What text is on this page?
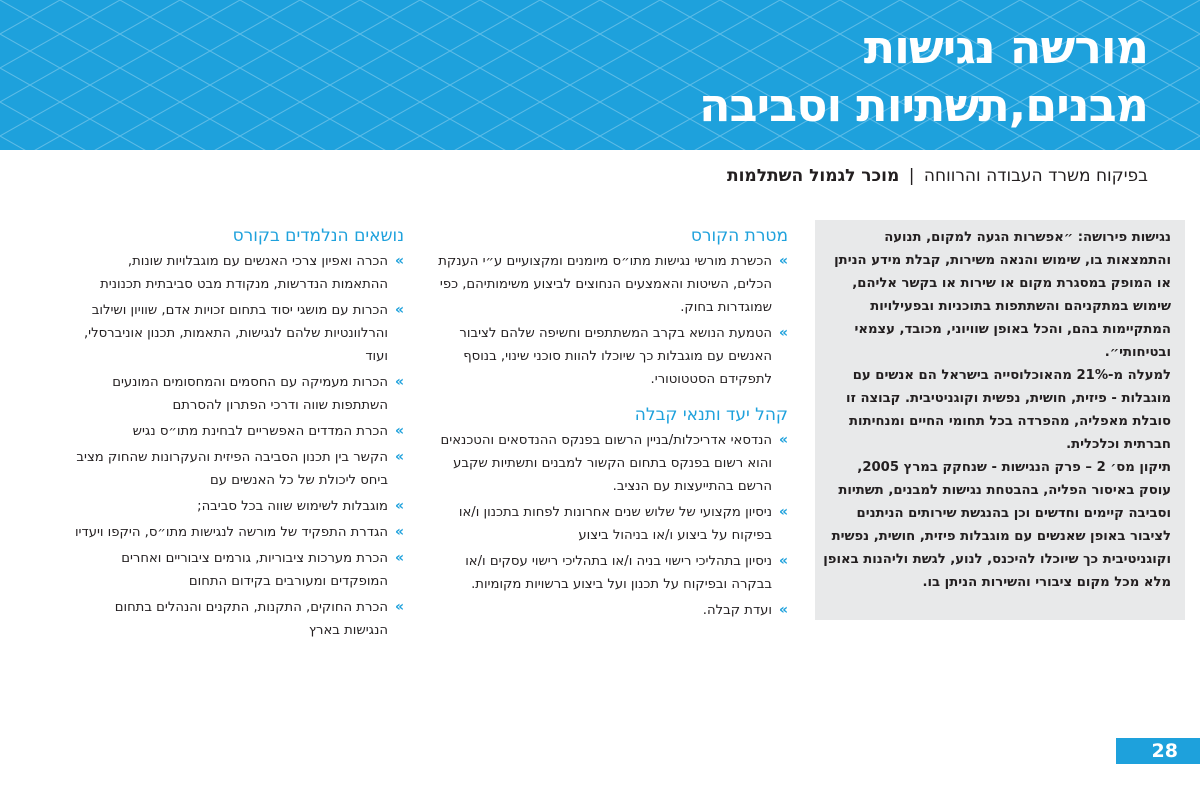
מורשה נגישות
מבנים,תשתיות וסביבה
בפיקוח משרד העבודה והרווחה | מוכר לגמול השתלמות

נגישות פירושה: ״אפשרות הגעה למקום, תנועה והתמצאות בו, שימוש והנאה משירות, קבלת מידע הניתן או המופק במסגרת מקום או שירות או בקשר אליהם, שימוש במתקניהם והשתתפות בתוכניות ובפעילויות המתקיימות בהם, והכל באופן שוויוני, מכובד, עצמאי ובטיחותי״.

למעלה מ-21% מהאוכלוסייה בישראל הם אנשים עם מוגבלות - פיזית, חושית, נפשית וקוגניטיבית. קבוצה זו סובלת מאפליה, מהפרדה בכל תחומי החיים ומנחיתות חברתית וכלכלית.

תיקון מס׳ 2 – פרק הנגישות - שנחקק במרץ 2005, עוסק באיסור הפליה, בהבטחת נגישות למבנים, תשתיות וסביבה קיימים וחדשים וכן בהנגשת שירותים הניתנים לציבור באופן שאנשים עם מוגבלות פיזית, חושית, נפשית וקוגניטיבית כך שיוכלו להיכנס, לנוע, לגשת וליהנות באופן מלא מכל מקום ציבורי והשירות הניתן בו.

מטרת הקורס
»
הכשרת מורשי נגישות מתו״ס מיומנים ומקצועיים ע״י הענקת הכלים, השיטות והאמצעים הנחוצים לביצוע משימותיהם, כפי שמוגדרות בחוק.
»
הטמעת הנושא בקרב המשתתפים וחשיפה שלהם לציבור האנשים עם מוגבלות כך שיוכלו להוות סוכני שינוי, בנוסף לתפקידם הסטטוטורי.
קהל יעד ותנאי קבלה
»
הנדסאי אדריכלות/בניין הרשום בפנקס ההנדסאים והטכנאים והוא רשום בפנקס בתחום הקשור למבנים ותשתיות שקבע הרשם בהתייעצות עם הנציב.
»
ניסיון מקצועי של שלוש שנים אחרונות לפחות בתכנון ו/או בפיקוח על ביצוע ו/או בניהול ביצוע
»
ניסיון בתהליכי רישוי בניה ו/או בתהליכי רישוי עסקים ו/או בבקרה ובפיקוח על תכנון ועל ביצוע ברשויות מקומיות.
»
ועדת קבלה.
נושאים הנלמדים בקורס
»
הכרה ואפיון צרכי האנשים עם מוגבלויות שונות, ההתאמות הנדרשות, מנקודת מבט סביבתית תכנונית
»
הכרות עם מושגי יסוד בתחום זכויות אדם, שוויון ושילוב והרלוונטיות שלהם לנגישות, התאמות, תכנון אוניברסלי, ועוד
»
הכרות מעמיקה עם החסמים והמחסומים המונעים השתתפות שווה ודרכי הפתרון להסרתם
»
הכרת המדדים האפשריים לבחינת מתו״ס נגיש
»
הקשר בין תכנון הסביבה הפיזית והעקרונות שהחוק מציב ביחס ליכולת של כל האנשים עם
»
מוגבלות לשימוש שווה בכל סביבה;
»
הגדרת התפקיד של מורשה לנגישות מתו״ס, היקפו ויעדיו
»
הכרת מערכות ציבוריות, גורמים ציבוריים ואחרים המופקדים ומעורבים בקידום התחום
»
הכרת החוקים, התקנות, התקנים והנהלים בתחום הנגישות בארץ
28
